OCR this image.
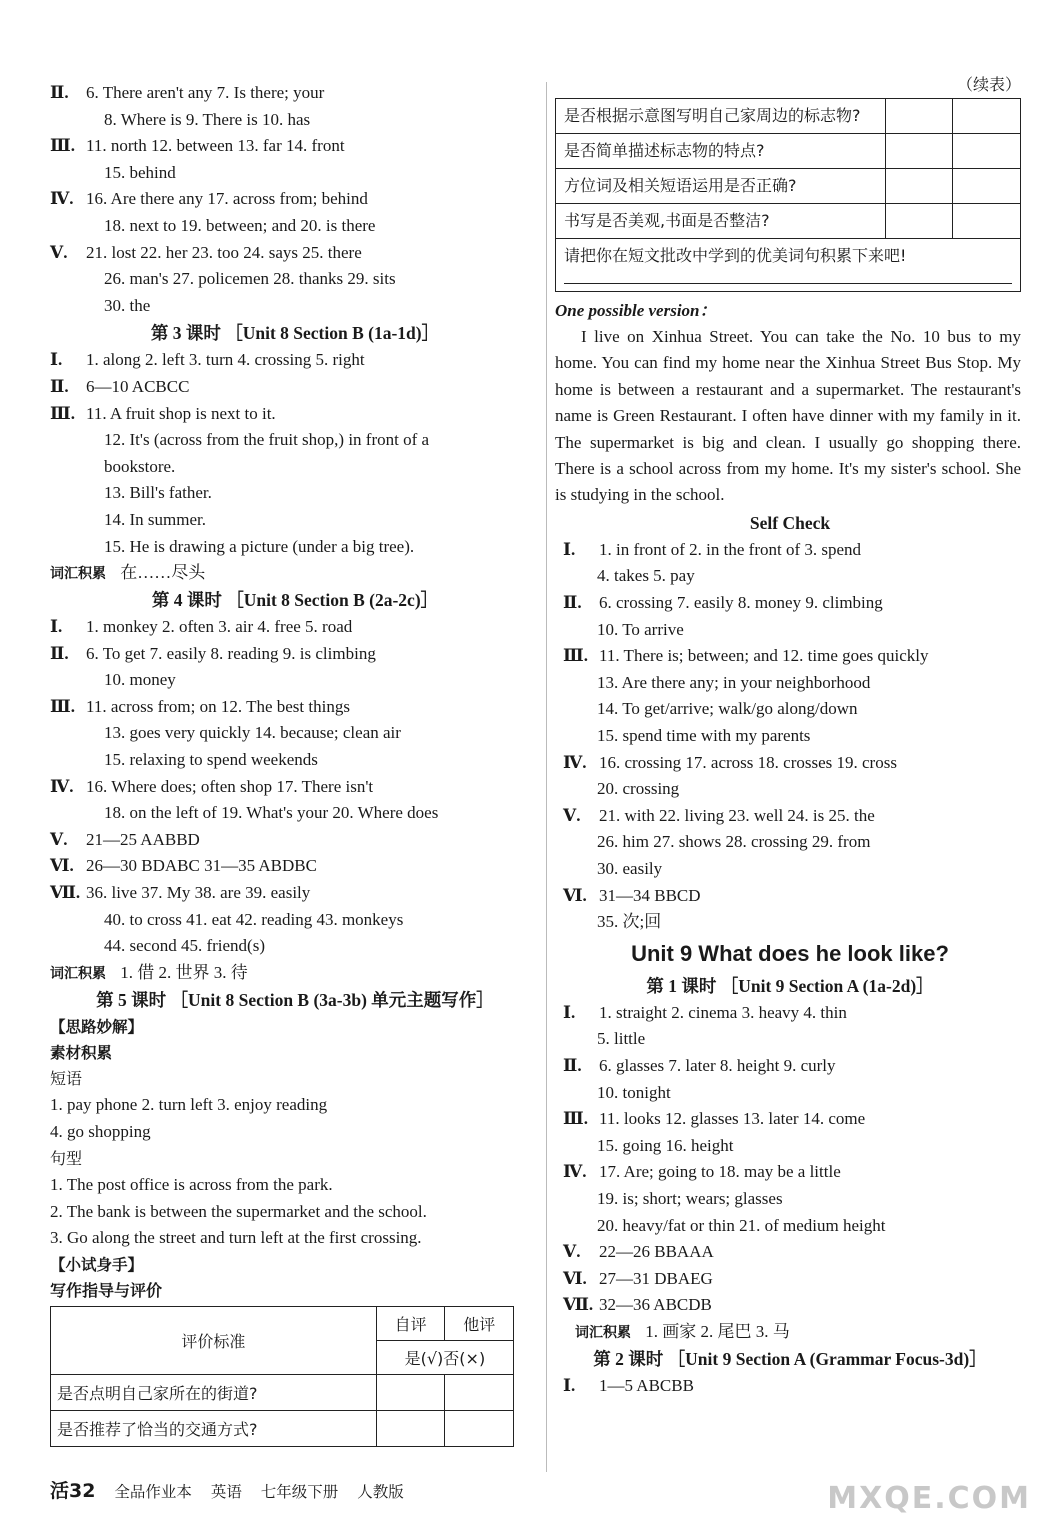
（续表）
Ⅱ.	6. There aren't any 7. Is there; your
8. Where is 9. There is 10. has
Ⅲ. 11. north 12. between 13. far 14. front
15. behind
Ⅳ. 16. Are there any 17. across from; behind
18. next to 19. between; and 20. is there
Ⅴ.	21. lost 22. her 23. too 24. says 25. there
26. man's 27. policemen 28. thanks 29. sits
30. the
第 3 课时 ［Unit 8 Section B (1a-1d)］
Ⅰ.	1. along 2. left 3. turn 4. crossing 5. right
Ⅱ.	6—10 ACBCC
Ⅲ. 11. A fruit shop is next to it.
12. It's (across from the fruit shop,) in front of a
bookstore.
13. Bill's father.
14. In summer.
15. He is drawing a picture (under a big tree).
词汇积累 在……尽头
第 4 课时 ［Unit 8 Section B (2a-2c)］
Ⅰ.	1. monkey 2. often 3. air 4. free 5. road
Ⅱ.	6. To get 7. easily 8. reading 9. is climbing
10. money
Ⅲ. 11. across from; on 12. The best things
13. goes very quickly 14. because; clean air
15. relaxing to spend weekends
Ⅳ. 16. Where does; often shop 17. There isn't
18. on the left of 19. What's your 20. Where does
Ⅴ.	21—25 AABBD
Ⅵ. 26—30 BDABC 31—35 ABDBC
Ⅶ. 36. live 37. My 38. are 39. easily
40. to cross 41. eat 42. reading 43. monkeys
44. second 45. friend(s)
词汇积累 1. 借 2. 世界 3. 待
第 5 课时 ［Unit 8 Section B (3a-3b) 单元主题写作］
【思路妙解】
素材积累
短语
1. pay phone 2. turn left 3. enjoy reading
4. go shopping
句型
1. The post office is across from the park.
2. The bank is between the supermarket and the school.
3. Go along the street and turn left at the first crossing.
【小试身手】
写作指导与评价
评价标准	自评	他评
	是(√)否(×)	
是否点明自己家所在的街道?		
是否推荐了恰当的交通方式?		
是否根据示意图写明自己家周边的标志物?		
是否简单描述标志物的特点?		
方位词及相关短语运用是否正确?		
书写是否美观,书面是否整洁?		
请把你在短文批改中学到的优美词句积累下来吧!		
One possible version：
I live on Xinhua Street. You can take the No. 10 bus to my home. You can find my home near the Xinhua Street Bus Stop. My home is between a restaurant and a supermarket. The restaurant's name is Green Restaurant. I often have dinner with my family in it. The supermarket is big and clean. I usually go shopping there. There is a school across from my home. It's my sister's school. She is studying in the school.
Self Check
Ⅰ.	1. in front of 2. in the front of 3. spend
4. takes 5. pay
Ⅱ.	6. crossing 7. easily 8. money 9. climbing
10. To arrive
Ⅲ. 11. There is; between; and 12. time goes quickly
13. Are there any; in your neighborhood
14. To get/arrive; walk/go along/down
15. spend time with my parents
Ⅳ. 16. crossing 17. across 18. crosses 19. cross
20. crossing
Ⅴ.	21. with 22. living 23. well 24. is 25. the
26. him 27. shows 28. crossing 29. from
30. easily
Ⅵ. 31—34 BBCD
35. 次;回
Unit 9 What does he look like?
第 1 课时 ［Unit 9 Section A (1a-2d)］
Ⅰ.	1. straight 2. cinema 3. heavy 4. thin
5. little
Ⅱ.	6. glasses 7. later 8. height 9. curly
10. tonight
Ⅲ. 11. looks 12. glasses 13. later 14. come
15. going 16. height
Ⅳ. 17. Are; going to 18. may be a little
19. is; short; wears; glasses
20. heavy/fat or thin 21. of medium height
Ⅴ.	22—26 BBAAA
Ⅵ. 27—31 DBAEG
Ⅶ. 32—36 ABCDB
词汇积累 1. 画家 2. 尾巴 3. 马
第 2 课时 ［Unit 9 Section A (Grammar Focus-3d)］
Ⅰ.	1—5 ABCBB
活32 全品作业本 英语 七年级下册 人教版	MXQE.COM
